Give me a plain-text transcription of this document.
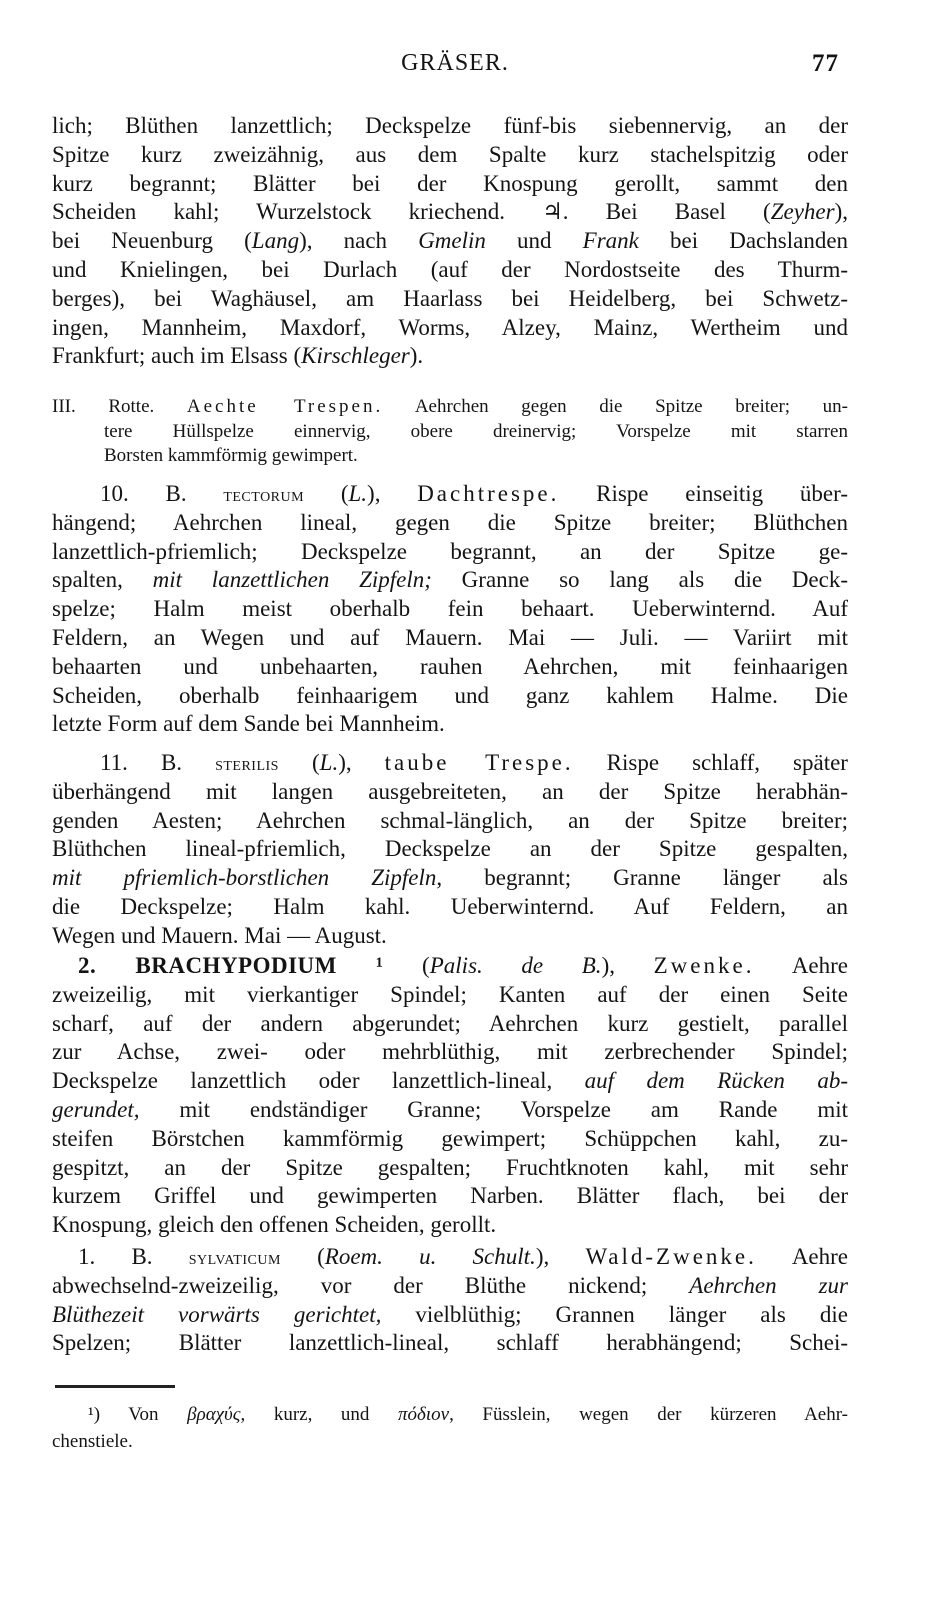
GRÄSER.	77
lich; Blüthen lanzettlich; Deckspelze fünf-bis siebennervig, an der
Spitze kurz zweizähnig, aus dem Spalte kurz stachelspitzig oder
kurz begrannt; Blätter bei der Knospung gerollt, sammt den
Scheiden kahl; Wurzelstock kriechend. ♃. Bei Basel (Zeyher),
bei Neuenburg (Lang), nach Gmelin und Frank bei Dachslanden
und Knielingen, bei Durlach (auf der Nordostseite des Thurm-
berges), bei Waghäusel, am Haarlass bei Heidelberg, bei Schwetz-
ingen, Mannheim, Maxdorf, Worms, Alzey, Mainz, Wertheim und
Frankfurt; auch im Elsass (Kirschleger).
III. Rotte. Aechte Trespen. Aehrchen gegen die Spitze breiter; un-
tere Hüllspelze einnervig, obere dreinervig; Vorspelze mit starren
Borsten kammförmig gewimpert.
10. B. tectorum (L.), Dachtrespe. Rispe einseitig über-
hängend; Aehrchen lineal, gegen die Spitze breiter; Blüthchen
lanzettlich-pfriemlich; Deckspelze begrannt, an der Spitze ge-
spalten, mit lanzettlichen Zipfeln; Granne so lang als die Deck-
spelze; Halm meist oberhalb fein behaart. Ueberwinternd. Auf
Feldern, an Wegen und auf Mauern. Mai — Juli. — Variirt mit
behaarten und unbehaarten, rauhen Aehrchen, mit feinhaarigen
Scheiden, oberhalb feinhaarigem und ganz kahlem Halme. Die
letzte Form auf dem Sande bei Mannheim.
11. B. sterilis (L.), taube Trespe. Rispe schlaff, später
überhängend mit langen ausgebreiteten, an der Spitze herabhän-
genden Aesten; Aehrchen schmal-länglich, an der Spitze breiter;
Blüthchen lineal-pfriemlich, Deckspelze an der Spitze gespalten,
mit pfriemlich-borstlichen Zipfeln, begrannt; Granne länger als
die Deckspelze; Halm kahl. Ueberwinternd. Auf Feldern, an
Wegen und Mauern. Mai — August.
2. BRACHYPODIUM ¹ (Palis. de B.), Zwenke. Aehre
zweizeilig, mit vierkantiger Spindel; Kanten auf der einen Seite
scharf, auf der andern abgerundet; Aehrchen kurz gestielt, parallel
zur Achse, zwei- oder mehrblüthig, mit zerbrechender Spindel;
Deckspelze lanzettlich oder lanzettlich-lineal, auf dem Rücken ab-
gerundet, mit endständiger Granne; Vorspelze am Rande mit
steifen Börstchen kammförmig gewimpert; Schüppchen kahl, zu-
gespitzt, an der Spitze gespalten; Fruchtknoten kahl, mit sehr
kurzem Griffel und gewimperten Narben. Blätter flach, bei der
Knospung, gleich den offenen Scheiden, gerollt.
1. B. sylvaticum (Roem. u. Schult.), Wald-Zwenke. Aehre
abwechselnd-zweizeilig, vor der Blüthe nickend; Aehrchen zur
Blüthezeit vorwärts gerichtet, vielblüthig; Grannen länger als die
Spelzen; Blätter lanzettlich-lineal, schlaff herabhängend; Schei-
¹) Von βραχύς, kurz, und πόδιον, Füsslein, wegen der kürzeren Aehr-
chenstiele.
